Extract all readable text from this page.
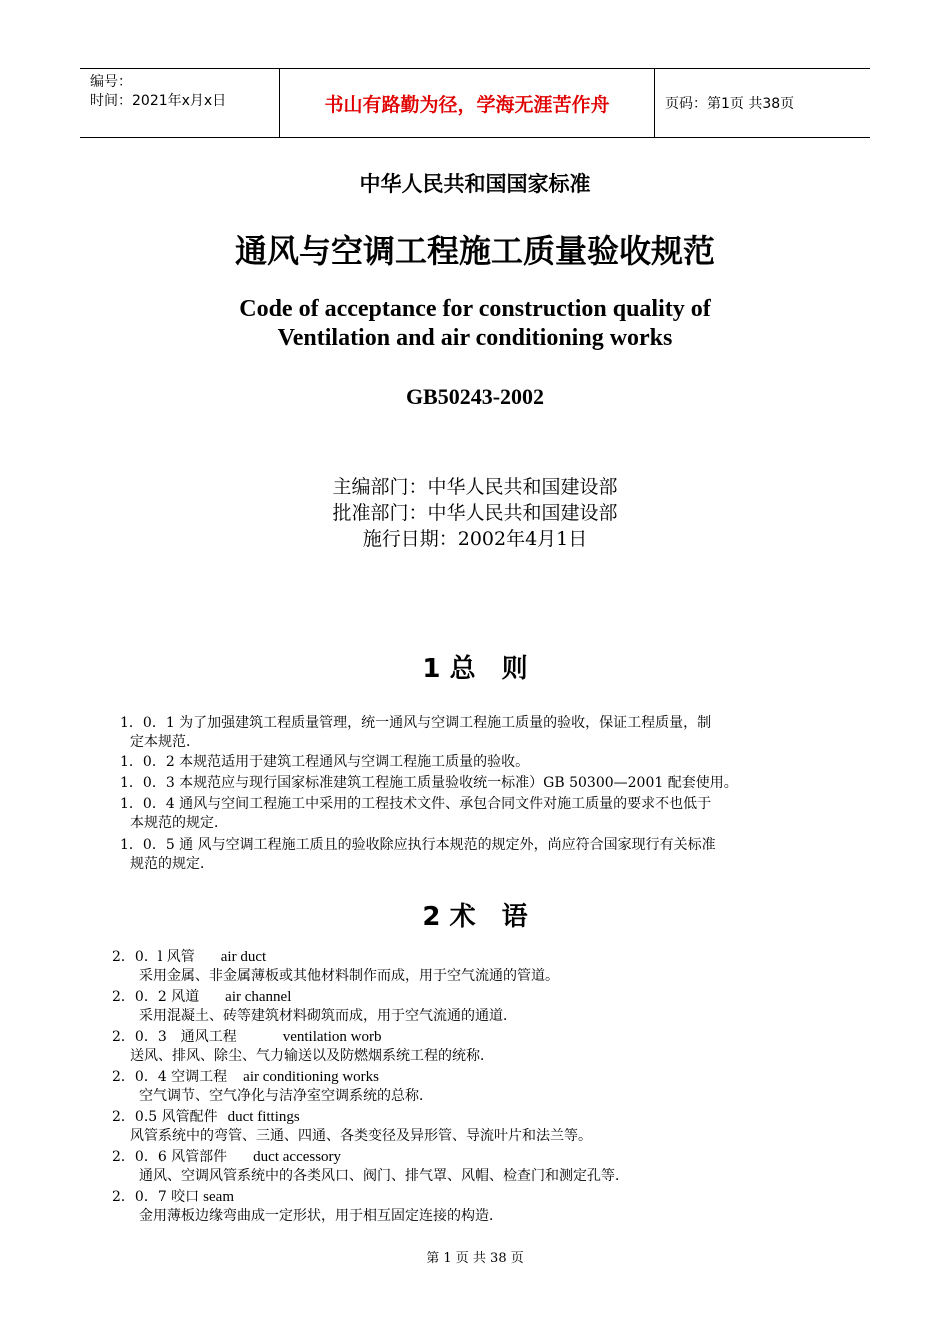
编号：
时间：2021年x月x日	书山有路勤为径，学海无涯苦作舟	页码：第1页 共38页
中华人民共和国国家标准
通风与空调工程施工质量验收规范
Code of acceptance for construction quality of
Ventilation and air conditioning works
GB50243-2002
主编部门：中华人民共和国建设部
批准部门：中华人民共和国建设部
施行日期：2002年4月1日
1 总　则
1．0．1 为了加强建筑工程质量管理，统一通风与空调工程施工质量的验收，保证工程质量，制
定本规范．
1．0．2 本规范适用于建筑工程通风与空调工程施工质量的验收。
1．0．3 本规范应与现行国家标准建筑工程施工质量验收统一标准）GB 50300—2001 配套使用。
1．0．4 通风与空间工程施工中采用的工程技术文件、承包合同文件对施工质量的要求不也低于
本规范的规定．
1．0．5 通 风与空调工程施工质且的验收除应执行本规范的规定外，尚应符合国家现行有关标准
规范的规定．
2 术　语
2．0．l 风管 air duct
采用金属、非金属薄板或其他材料制作而成，用于空气流通的管道。
2．0．2 风道 air channel
采用混凝土、砖等建筑材料砌筑而成，用于空气流通的通道．
2．0．3　通风工程	ventilation worb
送风、排风、除尘、气力输送以及防燃烟系统工程的统称．
2．0．4 空调工程 air conditioning works
空气调节、空气净化与洁净室空调系统的总称．
2．0.5 风管配件 duct fittings
风管系统中的弯管、三通、四通、各类变径及异形管、导流叶片和法兰等。
2．0．6 风管部件 duct accessory
通风、空调风管系统中的各类风口、阀门、排气罩、风帽、检查门和测定孔等．
2．0．7 咬口 seam
金用薄板边缘弯曲成一定形状，用于相互固定连接的构造．
第 1 页 共 38 页
